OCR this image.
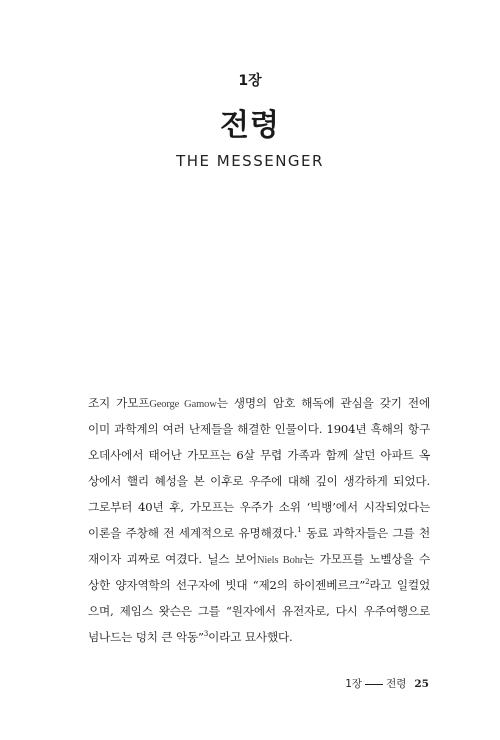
1장
전령
THE MESSENGER
조지 가모프George Gamow는 생명의 암호 해독에 관심을 갖기 전에
이미 과학계의 여러 난제들을 해결한 인물이다. 1904년 흑해의 항구
오데사에서 태어난 가모프는 6살 무렵 가족과 함께 살던 아파트 옥
상에서 핼리 혜성을 본 이후로 우주에 대해 깊이 생각하게 되었다.
그로부터 40년 후, 가모프는 우주가 소위 ‘빅뱅’에서 시작되었다는
이론을 주창해 전 세계적으로 유명해졌다.$^1$ 동료 과학자들은 그를 천
재이자 괴짜로 여겼다. 닐스 보어Niels Bohr는 가모프를 노벨상을 수
상한 양자역학의 선구자에 빗대 “제2의 하이젠베르크”$^2$라고 일컬었
으며, 제임스 왓슨은 그를 “원자에서 유전자로, 다시 우주여행으로
넘나드는 덩치 큰 악동”$^3$이라고 묘사했다.
1장 전령 25
